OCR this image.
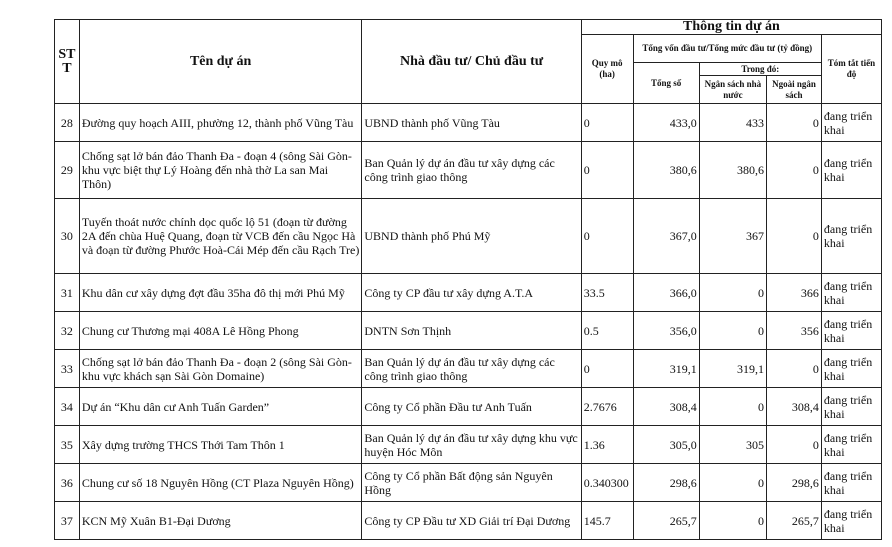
ST T	Tên dự án	Nhà đầu tư/ Chủ đầu tư	Thông tin dự án				
			Quy mô (ha)	Tổng vốn đầu tư/Tổng mức đầu tư (tỷ đồng)			Tóm tắt tiến độ
				Tổng số	Trong đó:		
					Ngân sách nhà nước	Ngoài ngân sách	
28	Đường quy hoạch AIII, phường 12, thành phố Vũng Tàu	UBND thành phố Vũng Tàu	0	433,0	433	0	đang triển khai
29	Chống sạt lở bán đảo Thanh Đa - đoạn 4 (sông Sài Gòn-khu vực biệt thự Lý Hoàng đến nhà thờ La san Mai Thôn)	Ban Quản lý dự án đầu tư xây dựng các công trình giao thông	0	380,6	380,6	0	đang triển khai
30	Tuyến thoát nước chính dọc quốc lộ 51 (đoạn từ đường 2A đến chùa Huệ Quang, đoạn từ VCB đến cầu Ngọc Hà và đoạn từ đường Phước Hoà-Cái Mép đến cầu Rạch Tre)	UBND thành phố Phú Mỹ	0	367,0	367	0	đang triển khai
31	Khu dân cư xây dựng đợt đầu 35ha đô thị mới Phú Mỹ	Công ty CP đầu tư xây dựng A.T.A	33.5	366,0	0	366	đang triển khai
32	Chung cư Thương mại 408A Lê Hồng Phong	DNTN Sơn Thịnh	0.5	356,0	0	356	đang triển khai
33	Chống sạt lở bán đảo Thanh Đa - đoạn 2 (sông Sài Gòn-khu vực khách sạn Sài Gòn Domaine)	Ban Quản lý dự án đầu tư xây dựng các công trình giao thông	0	319,1	319,1	0	đang triển khai
34	Dự án “Khu dân cư Anh Tuấn Garden”	Công ty Cổ phần Đầu tư Anh Tuấn	2.7676	308,4	0	308,4	đang triển khai
35	Xây dựng trường THCS Thới Tam Thôn 1	Ban Quản lý dự án đầu tư xây dựng khu vực huyện Hóc Môn	1.36	305,0	305	0	đang triển khai
36	Chung cư số 18 Nguyên Hồng (CT Plaza Nguyên Hồng)	Công ty Cổ phần Bất động sản Nguyên Hồng	0.340300	298,6	0	298,6	đang triển khai
37	KCN Mỹ Xuân B1-Đại Dương	Công ty CP Đầu tư XD Giải trí Đại Dương	145.7	265,7	0	265,7	đang triển khai
